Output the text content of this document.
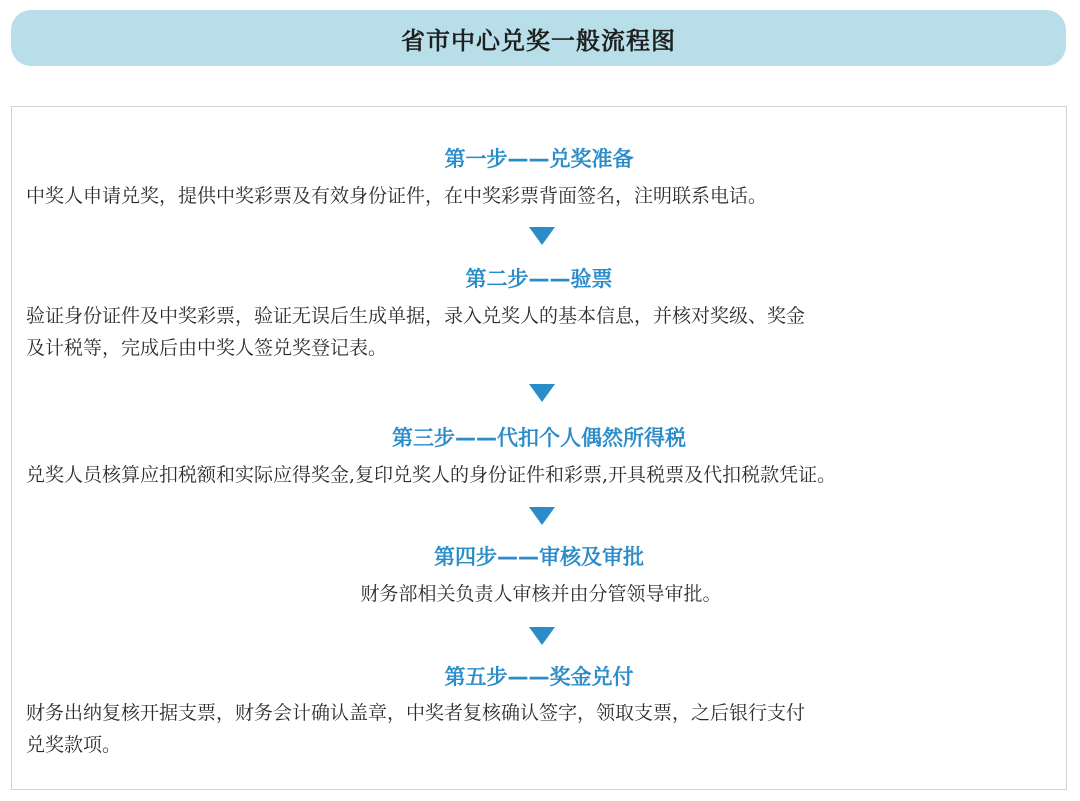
省市中心兑奖一般流程图
第一步——兑奖准备
中奖人申请兑奖，提供中奖彩票及有效身份证件，在中奖彩票背面签名，注明联系电话。
第二步——验票
验证身份证件及中奖彩票，验证无误后生成单据，录入兑奖人的基本信息，并核对奖级、奖金
及计税等，完成后由中奖人签兑奖登记表。
第三步——代扣个人偶然所得税
兑奖人员核算应扣税额和实际应得奖金,复印兑奖人的身份证件和彩票,开具税票及代扣税款凭证。
第四步——审核及审批
财务部相关负责人审核并由分管领导审批。
第五步——奖金兑付
财务出纳复核开据支票，财务会计确认盖章，中奖者复核确认签字，领取支票，之后银行支付
兑奖款项。
